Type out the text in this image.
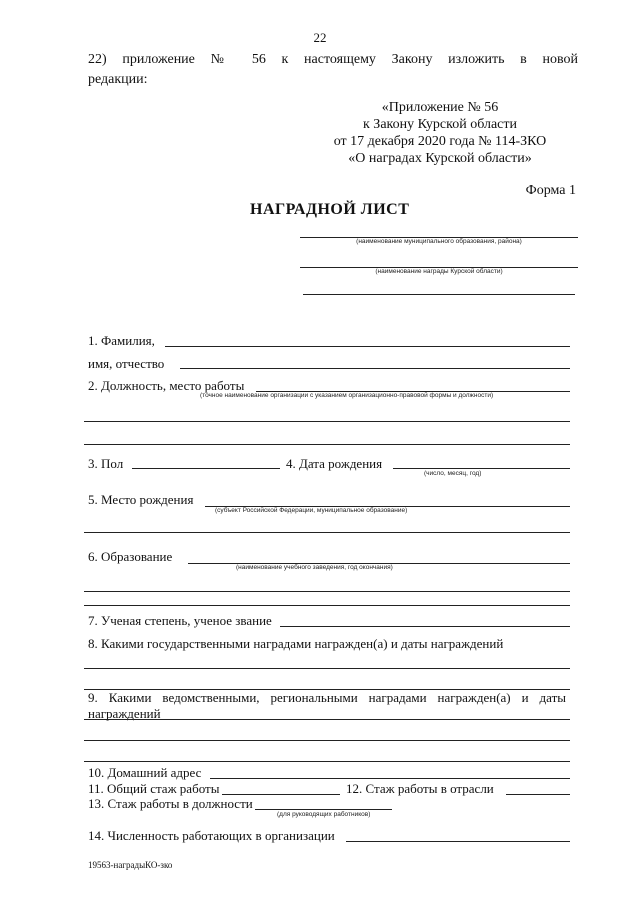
22
22) приложение № 56 к настоящему Закону изложить в новой
редакции:
«Приложение № 56
к Закону Курской области
от 17 декабря 2020 года № 114-ЗКО
«О наградах Курской области»
Форма 1
НАГРАДНОЙ ЛИСТ
(наименование муниципального образования, района)
(наименование награды Курской области)
1. Фамилия,
имя, отчество
2. Должность, место работы
(точное наименование организации с указанием организационно-правовой формы и должности)
3. Пол	4. Дата рождения
(число, месяц, год)
5. Место рождения
(субъект Российской Федерации, муниципальное образование)
6. Образование
(наименование учебного заведения, год окончания)
7. Ученая степень, ученое звание
8. Какими государственными наградами награжден(а) и даты награждений
9. Какими ведомственными, региональными наградами награжден(а) и даты
награждений
10. Домашний адрес
11. Общий стаж работы	12. Стаж работы в отрасли
13. Стаж работы в должности
(для руководящих работников)
14. Численность работающих в организации
19563-наградыКО-зко
